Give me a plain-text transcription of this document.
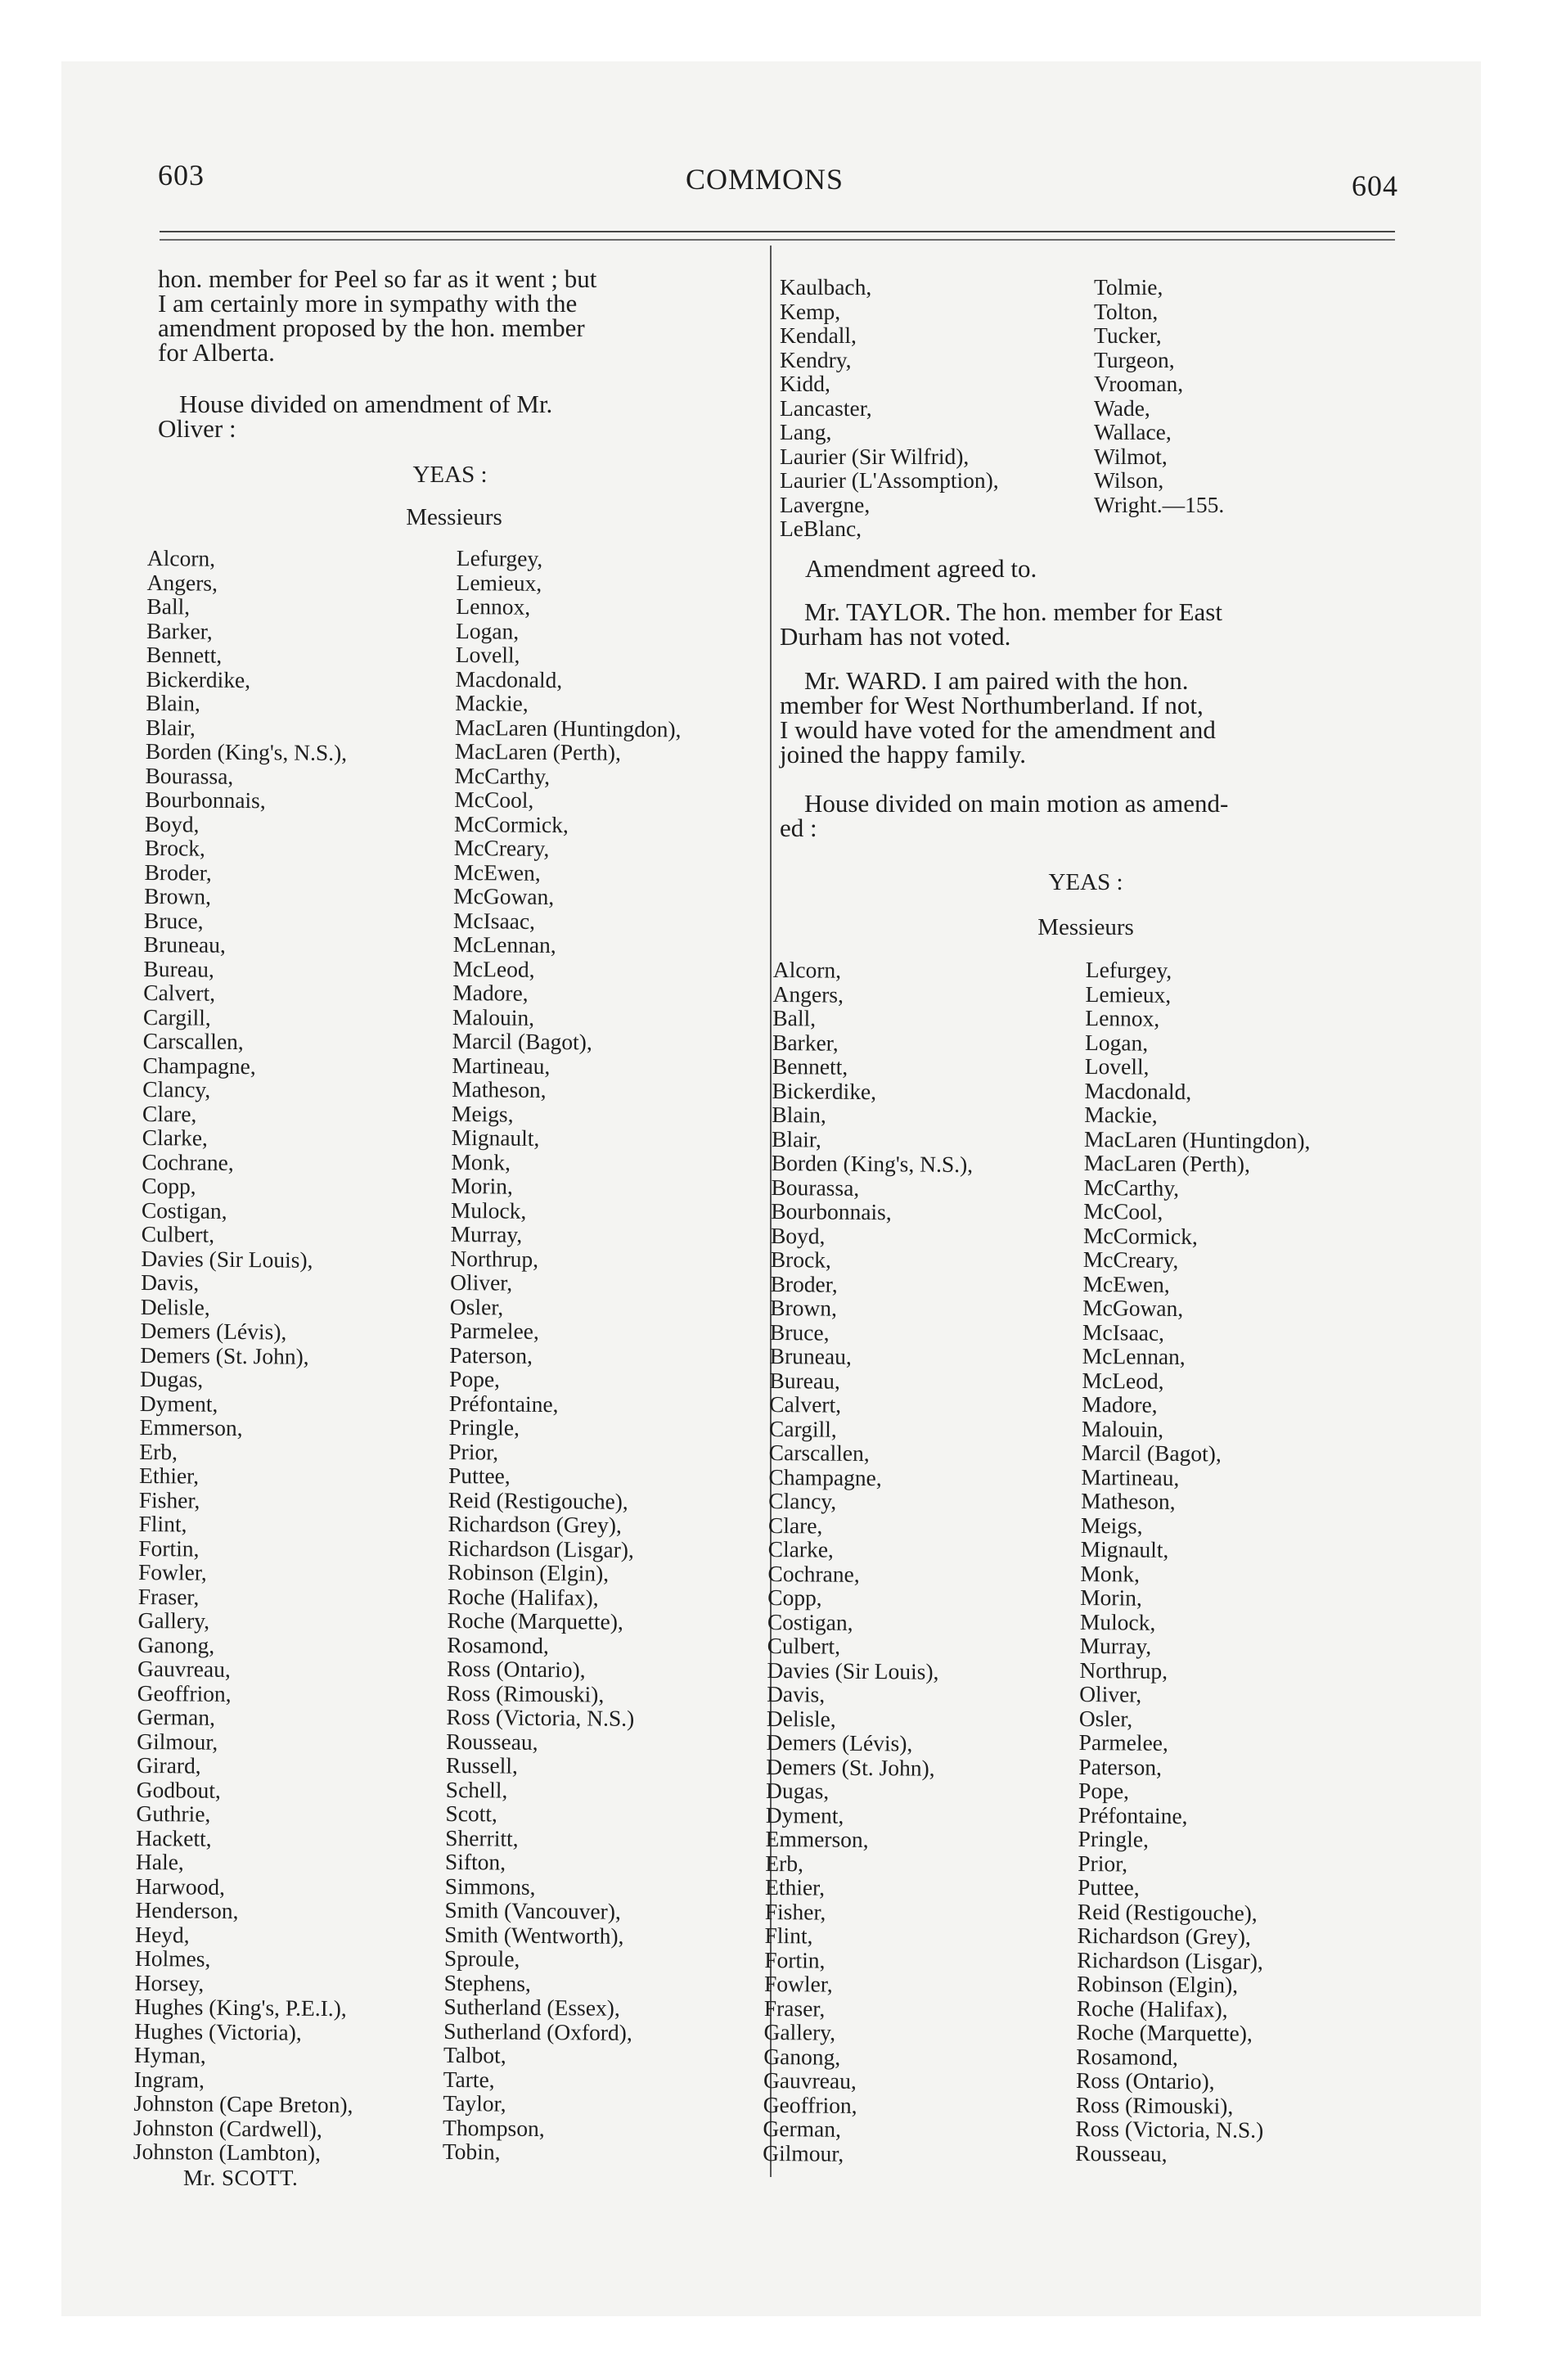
603	COMMONS	604
hon. member for Peel so far as it went ; but
I am certainly more in sympathy with the
amendment proposed by the hon. member
for Alberta.
House divided on amendment of Mr.
Oliver :
YEAS :
Messieurs
Alcorn,
Angers,
Ball,
Barker,
Bennett,
Bickerdike,
Blain,
Blair,
Borden (King's, N.S.),
Bourassa,
Bourbonnais,
Boyd,
Brock,
Broder,
Brown,
Bruce,
Bruneau,
Bureau,
Calvert,
Cargill,
Carscallen,
Champagne,
Clancy,
Clare,
Clarke,
Cochrane,
Copp,
Costigan,
Culbert,
Davies (Sir Louis),
Davis,
Delisle,
Demers (Lévis),
Demers (St. John),
Dugas,
Dyment,
Emmerson,
Erb,
Ethier,
Fisher,
Flint,
Fortin,
Fowler,
Fraser,
Gallery,
Ganong,
Gauvreau,
Geoffrion,
German,
Gilmour,
Girard,
Godbout,
Guthrie,
Hackett,
Hale,
Harwood,
Henderson,
Heyd,
Holmes,
Horsey,
Hughes (King's, P.E.I.),
Hughes (Victoria),
Hyman,
Ingram,
Johnston (Cape Breton),
Johnston (Cardwell),
Johnston (Lambton),
Lefurgey,
Lemieux,
Lennox,
Logan,
Lovell,
Macdonald,
Mackie,
MacLaren (Huntingdon),
MacLaren (Perth),
McCarthy,
McCool,
McCormick,
McCreary,
McEwen,
McGowan,
McIsaac,
McLennan,
McLeod,
Madore,
Malouin,
Marcil (Bagot),
Martineau,
Matheson,
Meigs,
Mignault,
Monk,
Morin,
Mulock,
Murray,
Northrup,
Oliver,
Osler,
Parmelee,
Paterson,
Pope,
Préfontaine,
Pringle,
Prior,
Puttee,
Reid (Restigouche),
Richardson (Grey),
Richardson (Lisgar),
Robinson (Elgin),
Roche (Halifax),
Roche (Marquette),
Rosamond,
Ross (Ontario),
Ross (Rimouski),
Ross (Victoria, N.S.)
Rousseau,
Russell,
Schell,
Scott,
Sherritt,
Sifton,
Simmons,
Smith (Vancouver),
Smith (Wentworth),
Sproule,
Stephens,
Sutherland (Essex),
Sutherland (Oxford),
Talbot,
Tarte,
Taylor,
Thompson,
Tobin,
Mr. SCOTT.
Kaulbach,
Kemp,
Kendall,
Kendry,
Kidd,
Lancaster,
Lang,
Laurier (Sir Wilfrid),
Laurier (L'Assomption),
Lavergne,
LeBlanc,
Tolmie,
Tolton,
Tucker,
Turgeon,
Vrooman,
Wade,
Wallace,
Wilmot,
Wilson,
Wright.—155.
Amendment agreed to.
Mr. TAYLOR. The hon. member for East
Durham has not voted.
Mr. WARD. I am paired with the hon.
member for West Northumberland. If not,
I would have voted for the amendment and
joined the happy family.
House divided on main motion as amend-
ed :
YEAS :
Messieurs
Alcorn,
Angers,
Ball,
Barker,
Bennett,
Bickerdike,
Blain,
Blair,
Borden (King's, N.S.),
Bourassa,
Bourbonnais,
Boyd,
Brock,
Broder,
Brown,
Bruce,
Bruneau,
Bureau,
Calvert,
Cargill,
Carscallen,
Champagne,
Clancy,
Clare,
Clarke,
Cochrane,
Copp,
Costigan,
Culbert,
Davies (Sir Louis),
Davis,
Delisle,
Demers (Lévis),
Demers (St. John),
Dugas,
Dyment,
Emmerson,
Erb,
Ethier,
Fisher,
Flint,
Fortin,
Fowler,
Fraser,
Gallery,
Ganong,
Gauvreau,
Geoffrion,
German,
Gilmour,
Lefurgey,
Lemieux,
Lennox,
Logan,
Lovell,
Macdonald,
Mackie,
MacLaren (Huntingdon),
MacLaren (Perth),
McCarthy,
McCool,
McCormick,
McCreary,
McEwen,
McGowan,
McIsaac,
McLennan,
McLeod,
Madore,
Malouin,
Marcil (Bagot),
Martineau,
Matheson,
Meigs,
Mignault,
Monk,
Morin,
Mulock,
Murray,
Northrup,
Oliver,
Osler,
Parmelee,
Paterson,
Pope,
Préfontaine,
Pringle,
Prior,
Puttee,
Reid (Restigouche),
Richardson (Grey),
Richardson (Lisgar),
Robinson (Elgin),
Roche (Halifax),
Roche (Marquette),
Rosamond,
Ross (Ontario),
Ross (Rimouski),
Ross (Victoria, N.S.)
Rousseau,
